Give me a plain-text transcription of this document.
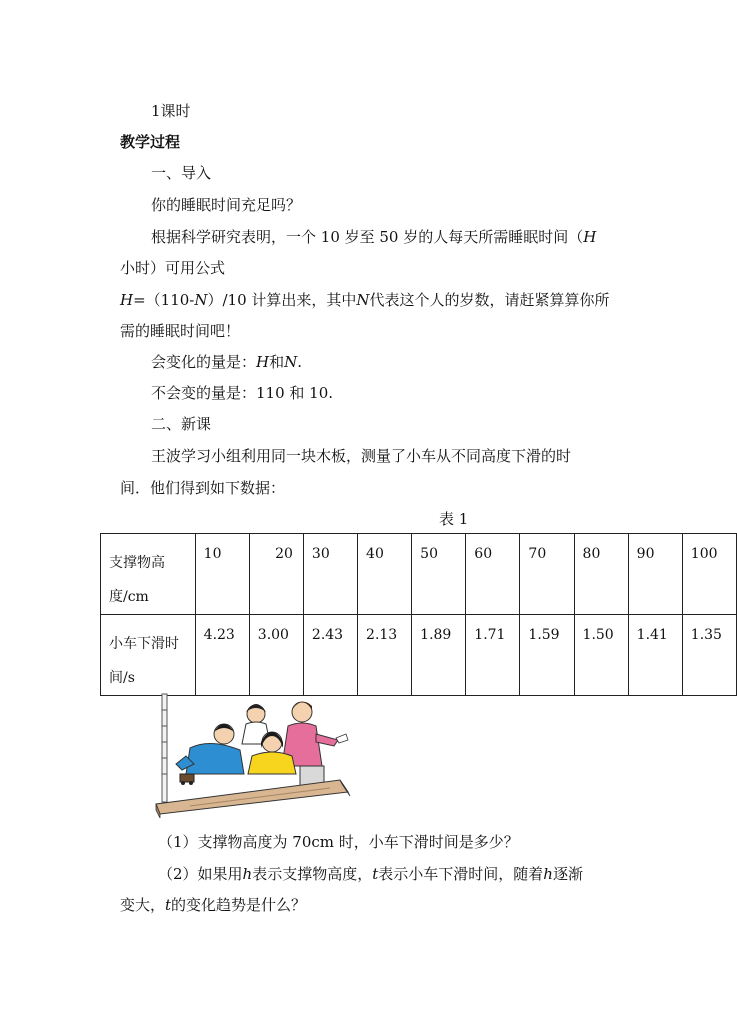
1课时
教学过程
一、导入
你的睡眠时间充足吗？
根据科学研究表明，一个 10 岁至 50 岁的人每天所需睡眠时间（H
小时）可用公式
H=（110-N）/10 计算出来，其中N代表这个人的岁数，请赶紧算算你所
需的睡眠时间吧！
会变化的量是：H和N.
不会变的量是：110 和 10.
二、新课
王波学习小组利用同一块木板，测量了小车从不同高度下滑的时
间．他们得到如下数据：
表 1
支撑物高度/cm	10	20	30	40	50	60	70	80	90	100
小车下滑时间/s	4.23	3.00	2.43	2.13	1.89	1.71	1.59	1.50	1.41	1.35
（1）支撑物高度为 70cm 时，小车下滑时间是多少？
（2）如果用h表示支撑物高度，t表示小车下滑时间，随着h逐渐
变大，t的变化趋势是什么？
